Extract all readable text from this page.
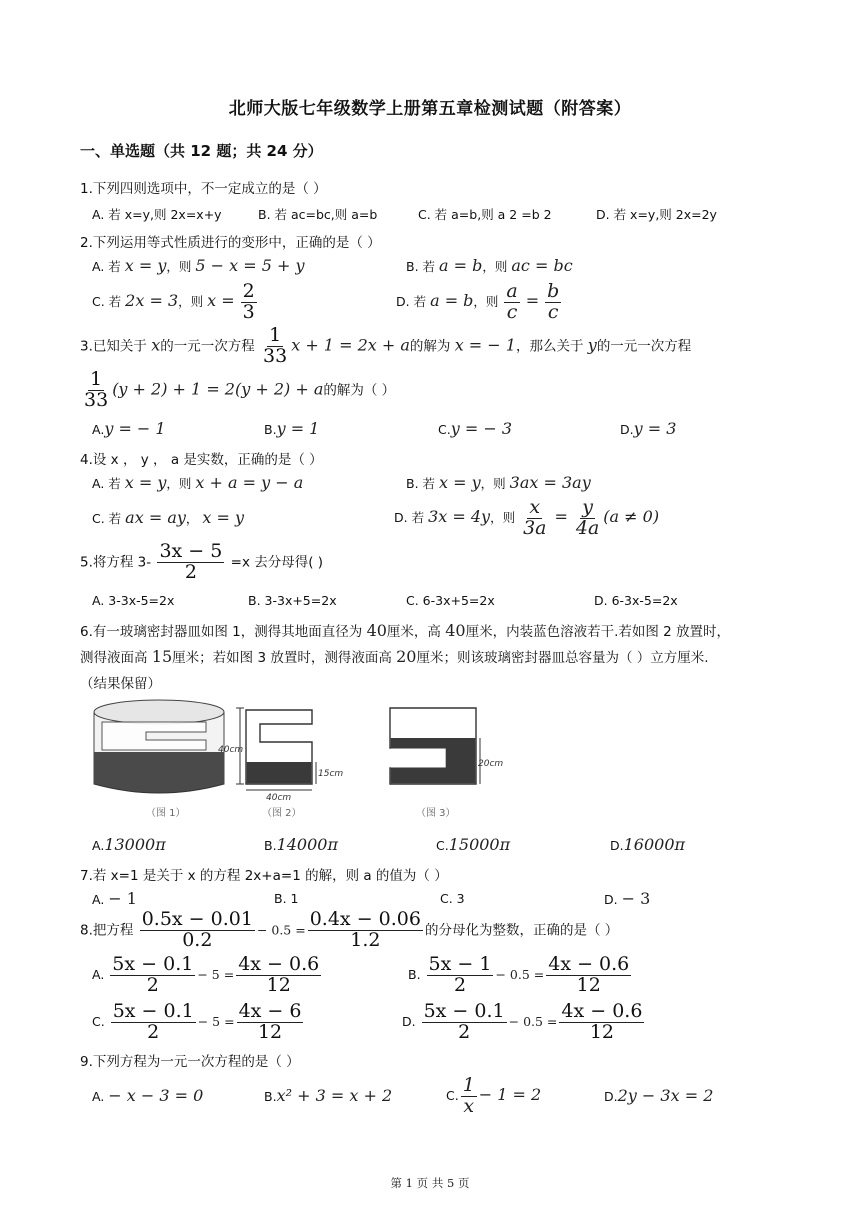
北师大版七年级数学上册第五章检测试题（附答案）
一、单选题（共 12 题；共 24 分）
1.下列四则选项中，不一定成立的是（ ）
A. 若 x=y,则 2x=x+y	B. 若 ac=bc,则 a=b	C. 若 a=b,则 a 2 =b 2	D. 若 x=y,则 2x=2y
2.下列运用等式性质进行的变形中，正确的是（ ）
A. 若 x = y，则 5 − x = 5 + y	B. 若 a = b，则 ac = bc
C. 若 2x = 3，则 $x = \frac{2}{3}$	D. 若 a = b，则 $\frac{a}{c} = \frac{b}{c}$
3.已知关于 x的一元一次方程 $\frac{1}{33}$ x + 1 = 2x + a的解为 x = − 1，那么关于 y的一元一次方程
$\frac{1}{33} (y + 2) + 1 = 2(y + 2) + a$的解为（ ）
A.y = − 1	B.y = 1	C.y = − 3	D.y = 3
4.设 x ， y ， a 是实数，正确的是（ ）
A. 若 x = y，则 x + a = y − a	B. 若 x = y，则 3ax = 3ay
C. 若 ax = ay， x = y	D. 若 3x = 4y，则 $\frac{x}{3a} = \frac{y}{4a} (a \ne 0)$
5.将方程 $3- \frac{3x - 5}{2} =x$ 去分母得( )
A. 3-3x-5=2x	B. 3-3x+5=2x	C. 6-3x+5=2x	D. 6-3x-5=2x
6.有一玻璃密封器皿如图 1，测得其地面直径为 40厘米，高 40厘米，内装蓝色溶液若干.若如图 2 放置时，
测得液面高 15厘米；若如图 3 放置时，测得液面高 20厘米；则该玻璃密封器皿总容量为（ ）立方厘米.
（结果保留）
（图 1）
40cm
15cm
40cm
（图 2）
20cm
（图 3）
A.13000π	B.14000π	C.15000π	D.16000π
7.若 x=1 是关于 x 的方程 2x+a=1 的解，则 a 的值为（ ）
A. − 1	B. 1	C. 3	D. − 3
8.把方程 $\frac{0.5x - 0.01}{0.2} - 0.5 = \frac{0.4x - 0.06}{1.2}$ 的分母化为整数，正确的是（ ）
A. $\frac{5x - 0.1}{2} - 5 = \frac{4x - 0.6}{12}$	B. $\frac{5x - 1}{2} - 0.5 = \frac{4x - 0.6}{12}$
C. $\frac{5x - 0.1}{2} - 5 = \frac{4x - 6}{12}$	D. $\frac{5x - 0.1}{2} - 0.5 = \frac{4x - 0.6}{12}$
9.下列方程为一元一次方程的是（ ）
A. − x − 3 = 0	B.x² + 3 = x + 2	C. $\frac{1}{x} - 1 = 2$	D.2y − 3x = 2
第 1 页 共 5 页
